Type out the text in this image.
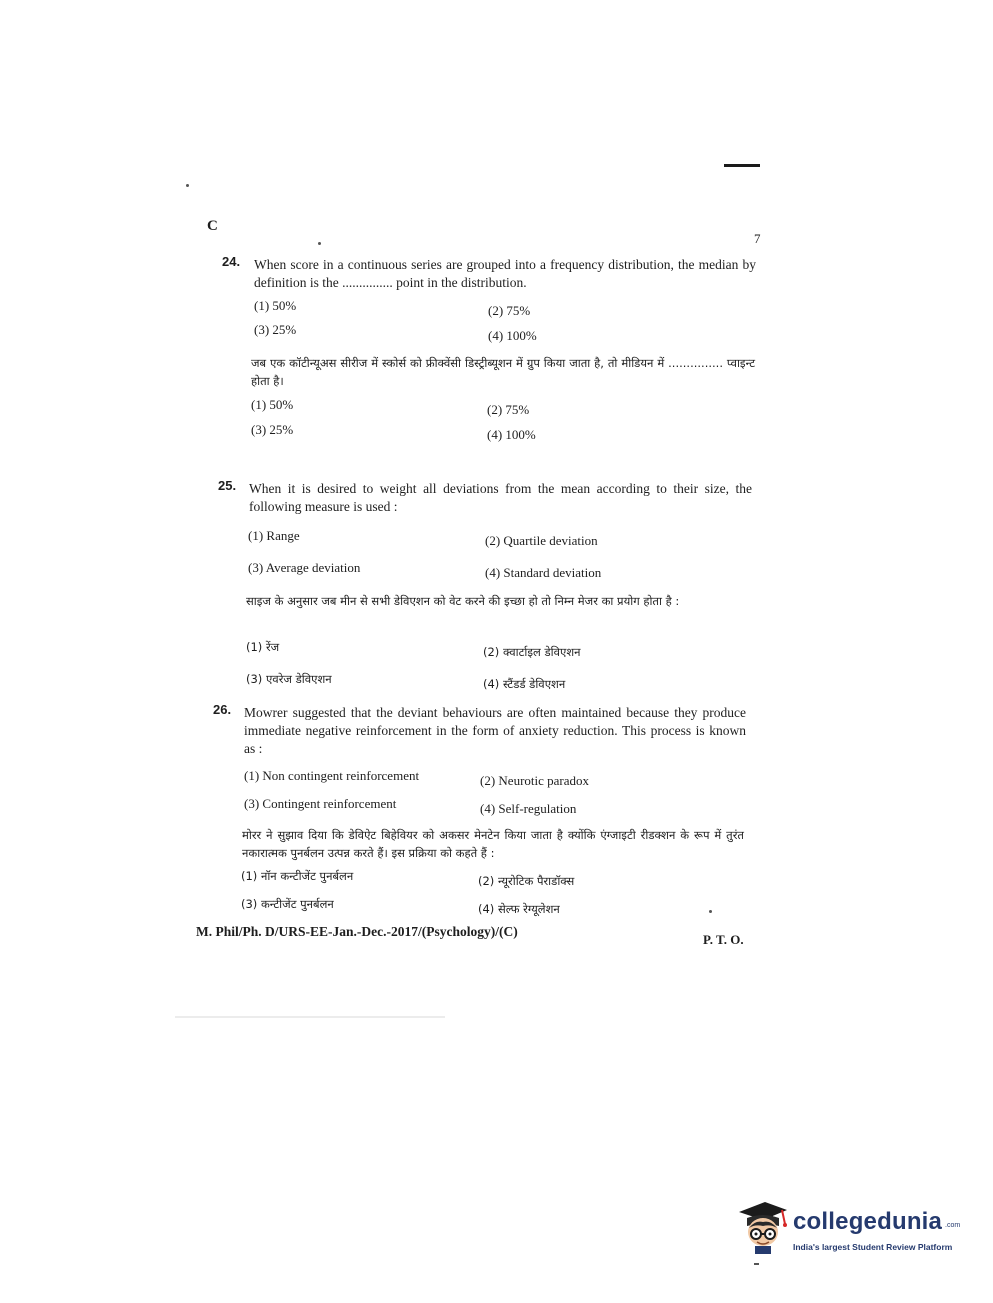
C
7
24. When score in a continuous series are grouped into a frequency distribution, the median by definition is the ............... point in the distribution.
(1) 50%	(2) 75%
(3) 25%	(4) 100%
जब एक कॉटीन्यूअस सीरीज में स्कोर्स को फ्रीक्वेंसी डिस्ट्रीब्यूशन में ग्रुप किया जाता है, तो मीडियन में ............... प्वाइन्ट होता है।
(1) 50%	(2) 75%
(3) 25%	(4) 100%
25. When it is desired to weight all deviations from the mean according to their size, the following measure is used :
(1) Range	(2) Quartile deviation
(3) Average deviation	(4) Standard deviation
साइज के अनुसार जब मीन से सभी डेविएशन को वेट करने की इच्छा हो तो निम्न मेजर का प्रयोग होता है :
(1) रेंज	(2) क्वार्टाइल डेविएशन
(3) एवरेज डेविएशन	(4) स्टैंडर्ड डेविएशन
26. Mowrer suggested that the deviant behaviours are often maintained because they produce immediate negative reinforcement in the form of anxiety reduction. This process is known as :
(1) Non contingent reinforcement	(2) Neurotic paradox
(3) Contingent reinforcement	(4) Self-regulation
मोरर ने सुझाव दिया कि डेविऐट बिहेवियर को अकसर मेनटेन किया जाता है क्योंकि एंग्जाइटी रीडक्शन के रूप में तुरंत नकारात्मक पुनर्बलन उत्पन्न करते हैं। इस प्रक्रिया को कहते हैं :
(1) नॉन कन्टीजेंट पुनर्बलन	(2) न्यूरोटिक पैराडॉक्स
(3) कन्टीजेंट पुनर्बलन	(4) सेल्फ रेग्यूलेशन
M. Phil/Ph. D/URS-EE-Jan.-Dec.-2017/(Psychology)/(C)
P. T. O.
collegedunia .com
India's largest Student Review Platform
